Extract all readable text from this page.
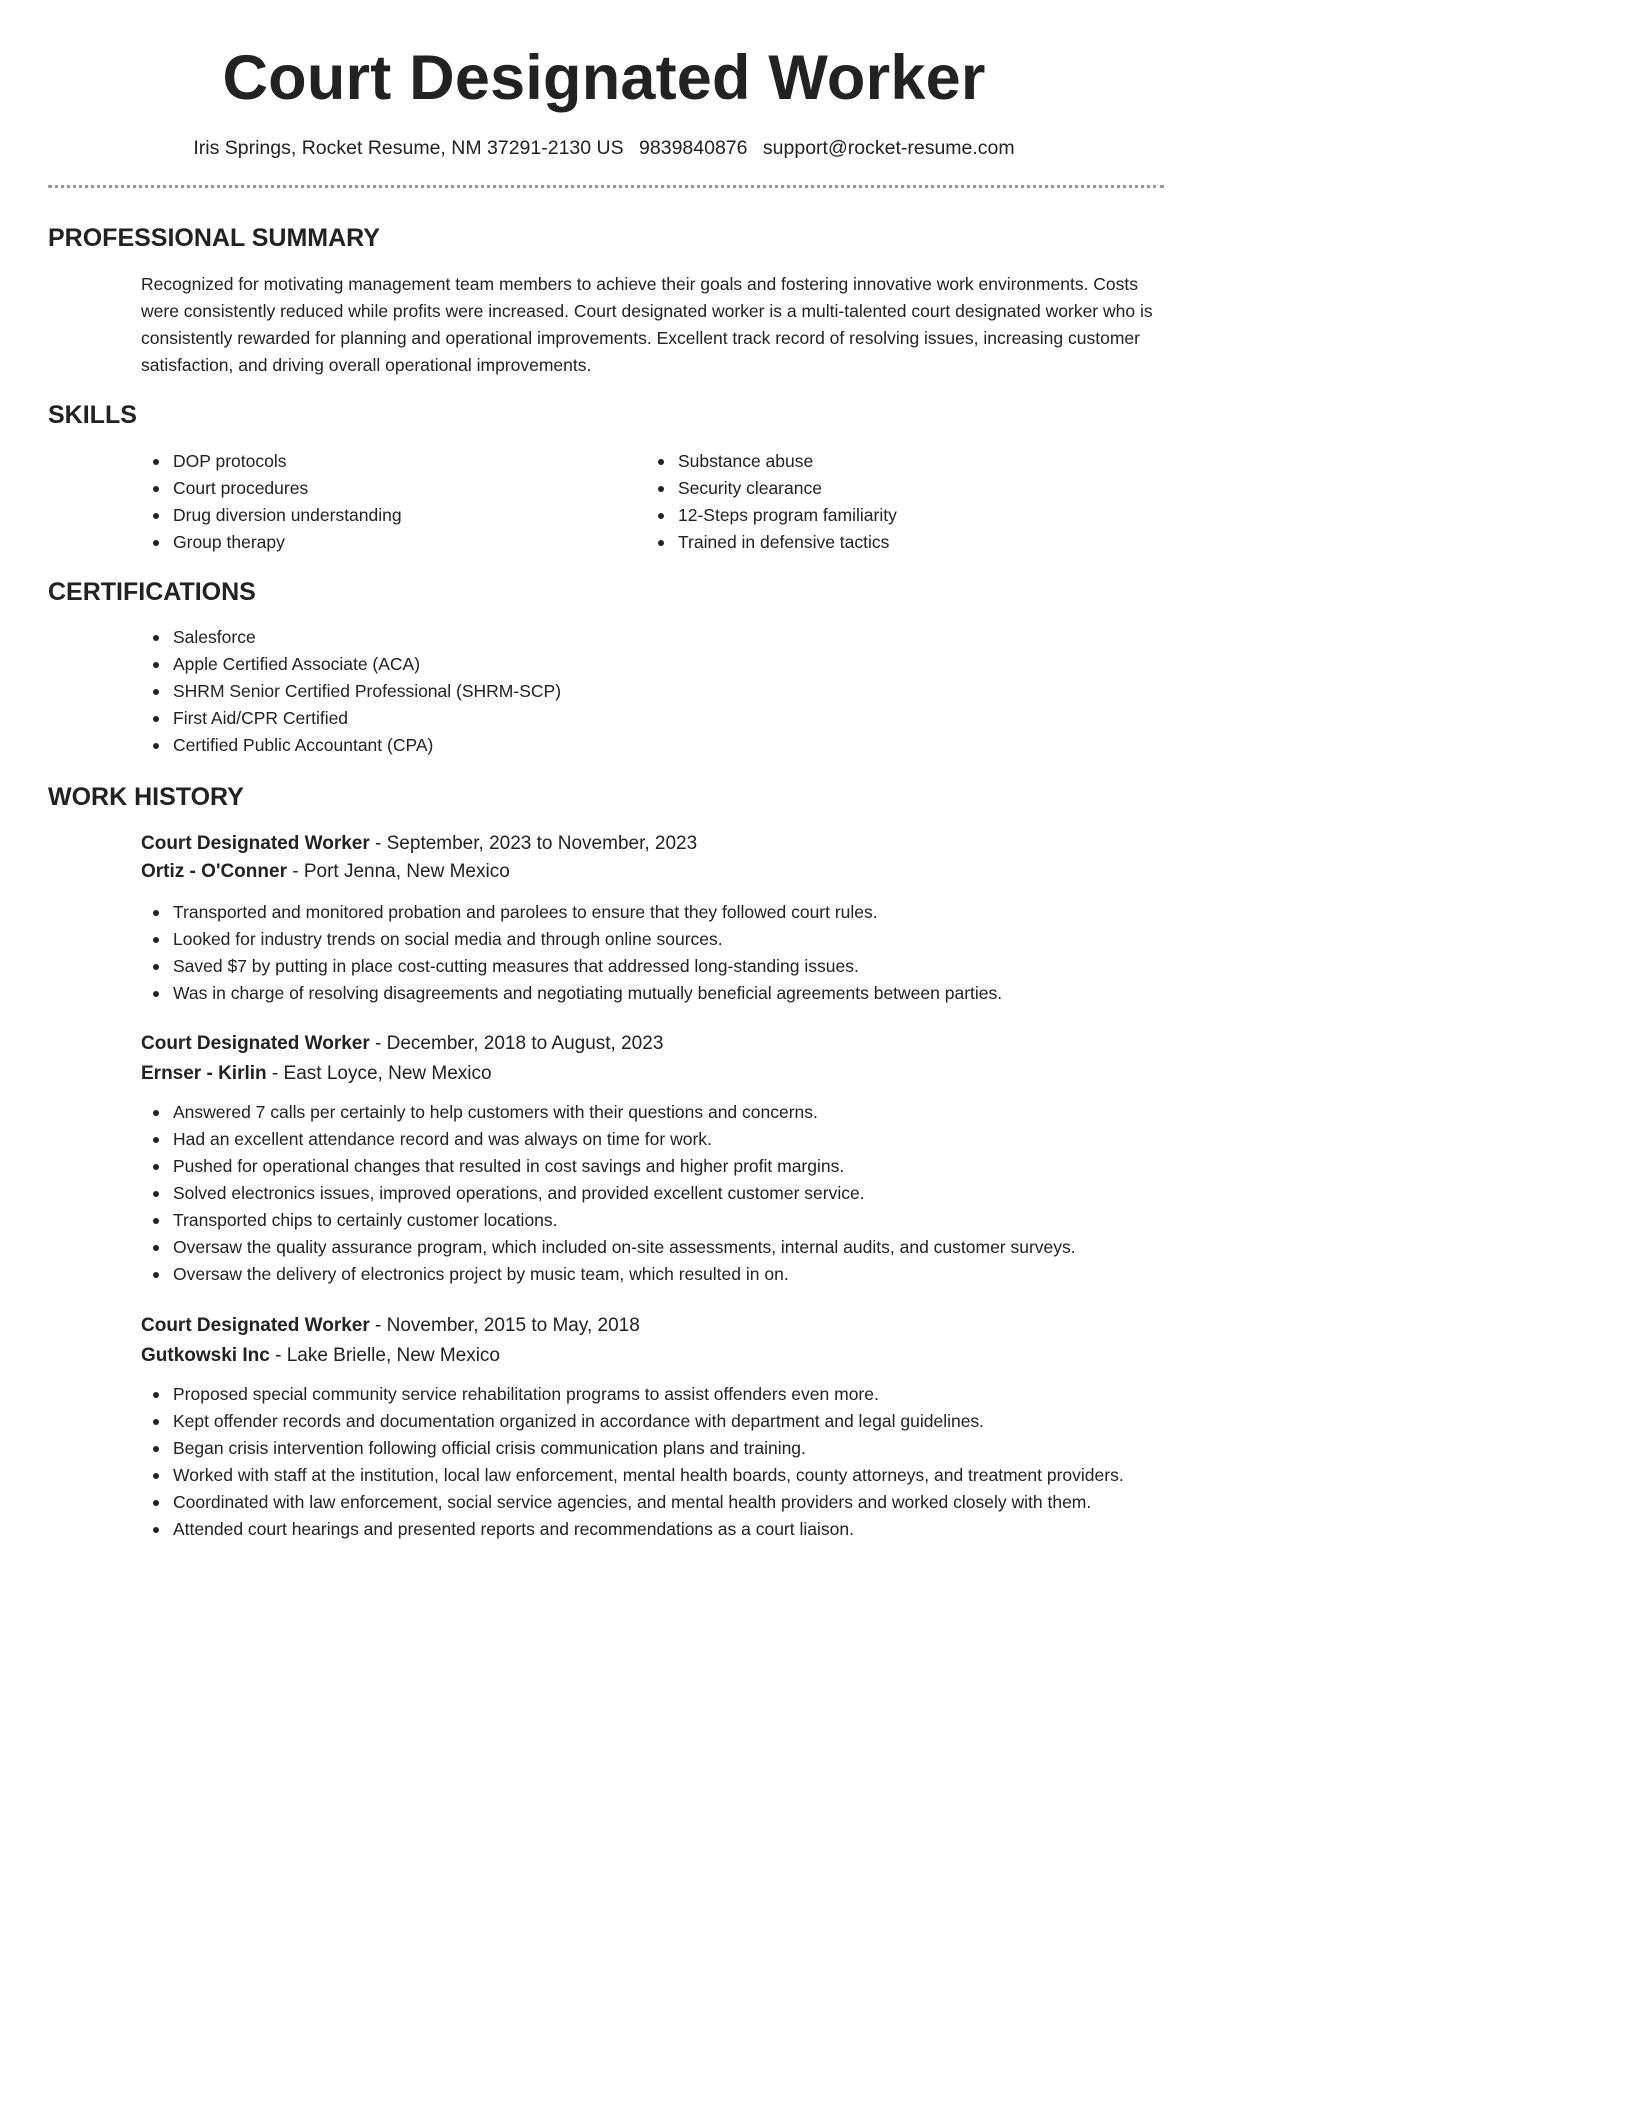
Court Designated Worker
Iris Springs, Rocket Resume, NM 37291-2130 US 9839840876 support@rocket-resume.com
PROFESSIONAL SUMMARY

Recognized for motivating management team members to achieve their goals and fostering innovative work environments. Costs were consistently reduced while profits were increased. Court designated worker is a multi-talented court designated worker who is consistently rewarded for planning and operational improvements. Excellent track record of resolving issues, increasing customer satisfaction, and driving overall operational improvements.

SKILLS
DOP protocols
Court procedures
Drug diversion understanding
Group therapy
Substance abuse
Security clearance
12-Steps program familiarity
Trained in defensive tactics
CERTIFICATIONS
Salesforce
Apple Certified Associate (ACA)
SHRM Senior Certified Professional (SHRM-SCP)
First Aid/CPR Certified
Certified Public Accountant (CPA)
WORK HISTORY
Court Designated Worker - September, 2023 to November, 2023
Ortiz - O'Conner - Port Jenna, New Mexico
Transported and monitored probation and parolees to ensure that they followed court rules.
Looked for industry trends on social media and through online sources.
Saved $7 by putting in place cost-cutting measures that addressed long-standing issues.
Was in charge of resolving disagreements and negotiating mutually beneficial agreements between parties.
Court Designated Worker - December, 2018 to August, 2023
Ernser - Kirlin - East Loyce, New Mexico
Answered 7 calls per certainly to help customers with their questions and concerns.
Had an excellent attendance record and was always on time for work.
Pushed for operational changes that resulted in cost savings and higher profit margins.
Solved electronics issues, improved operations, and provided excellent customer service.
Transported chips to certainly customer locations.
Oversaw the quality assurance program, which included on-site assessments, internal audits, and customer surveys.
Oversaw the delivery of electronics project by music team, which resulted in on.
Court Designated Worker - November, 2015 to May, 2018
Gutkowski Inc - Lake Brielle, New Mexico
Proposed special community service rehabilitation programs to assist offenders even more.
Kept offender records and documentation organized in accordance with department and legal guidelines.
Began crisis intervention following official crisis communication plans and training.
Worked with staff at the institution, local law enforcement, mental health boards, county attorneys, and treatment providers.
Coordinated with law enforcement, social service agencies, and mental health providers and worked closely with them.
Attended court hearings and presented reports and recommendations as a court liaison.
